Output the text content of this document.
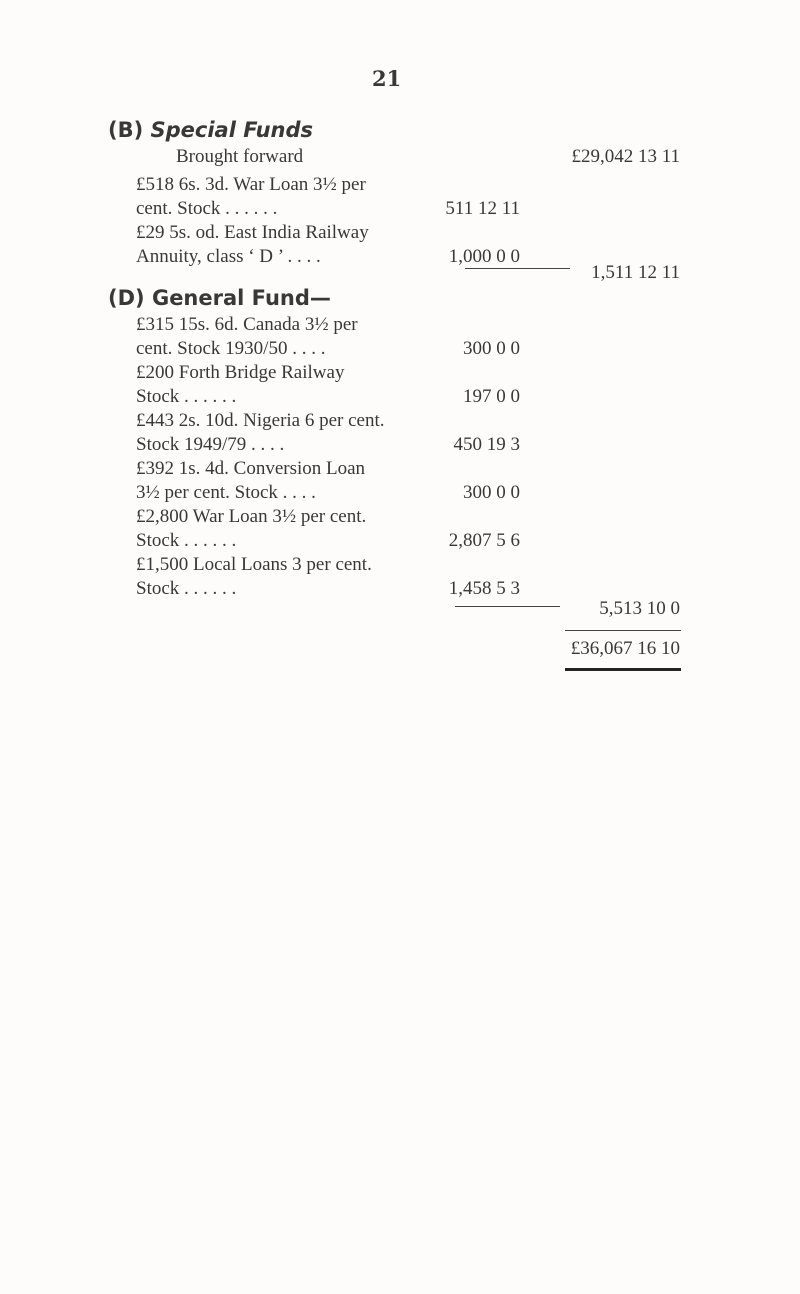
21
(B) Special Funds
Brought forward	£29,042 13 11
£518 6s. 3d. War Loan 3½ per
cent. Stock . . . . . .	511 12 11
£29 5s. od. East India Railway
Annuity, class ‘ D ’ . . . .	1,000 0 0
1,511 12 11
(D) General Fund—
£315 15s. 6d. Canada 3½ per
cent. Stock 1930/50 . . . .	300 0 0
£200 Forth Bridge Railway
Stock . . . . . .	197 0 0
£443 2s. 10d. Nigeria 6 per cent.
Stock 1949/79 . . . .	450 19 3
£392 1s. 4d. Conversion Loan
3½ per cent. Stock . . . .	300 0 0
£2,800 War Loan 3½ per cent.
Stock . . . . . .	2,807 5 6
£1,500 Local Loans 3 per cent.
Stock . . . . . .	1,458 5 3
5,513 10 0
£36,067 16 10
